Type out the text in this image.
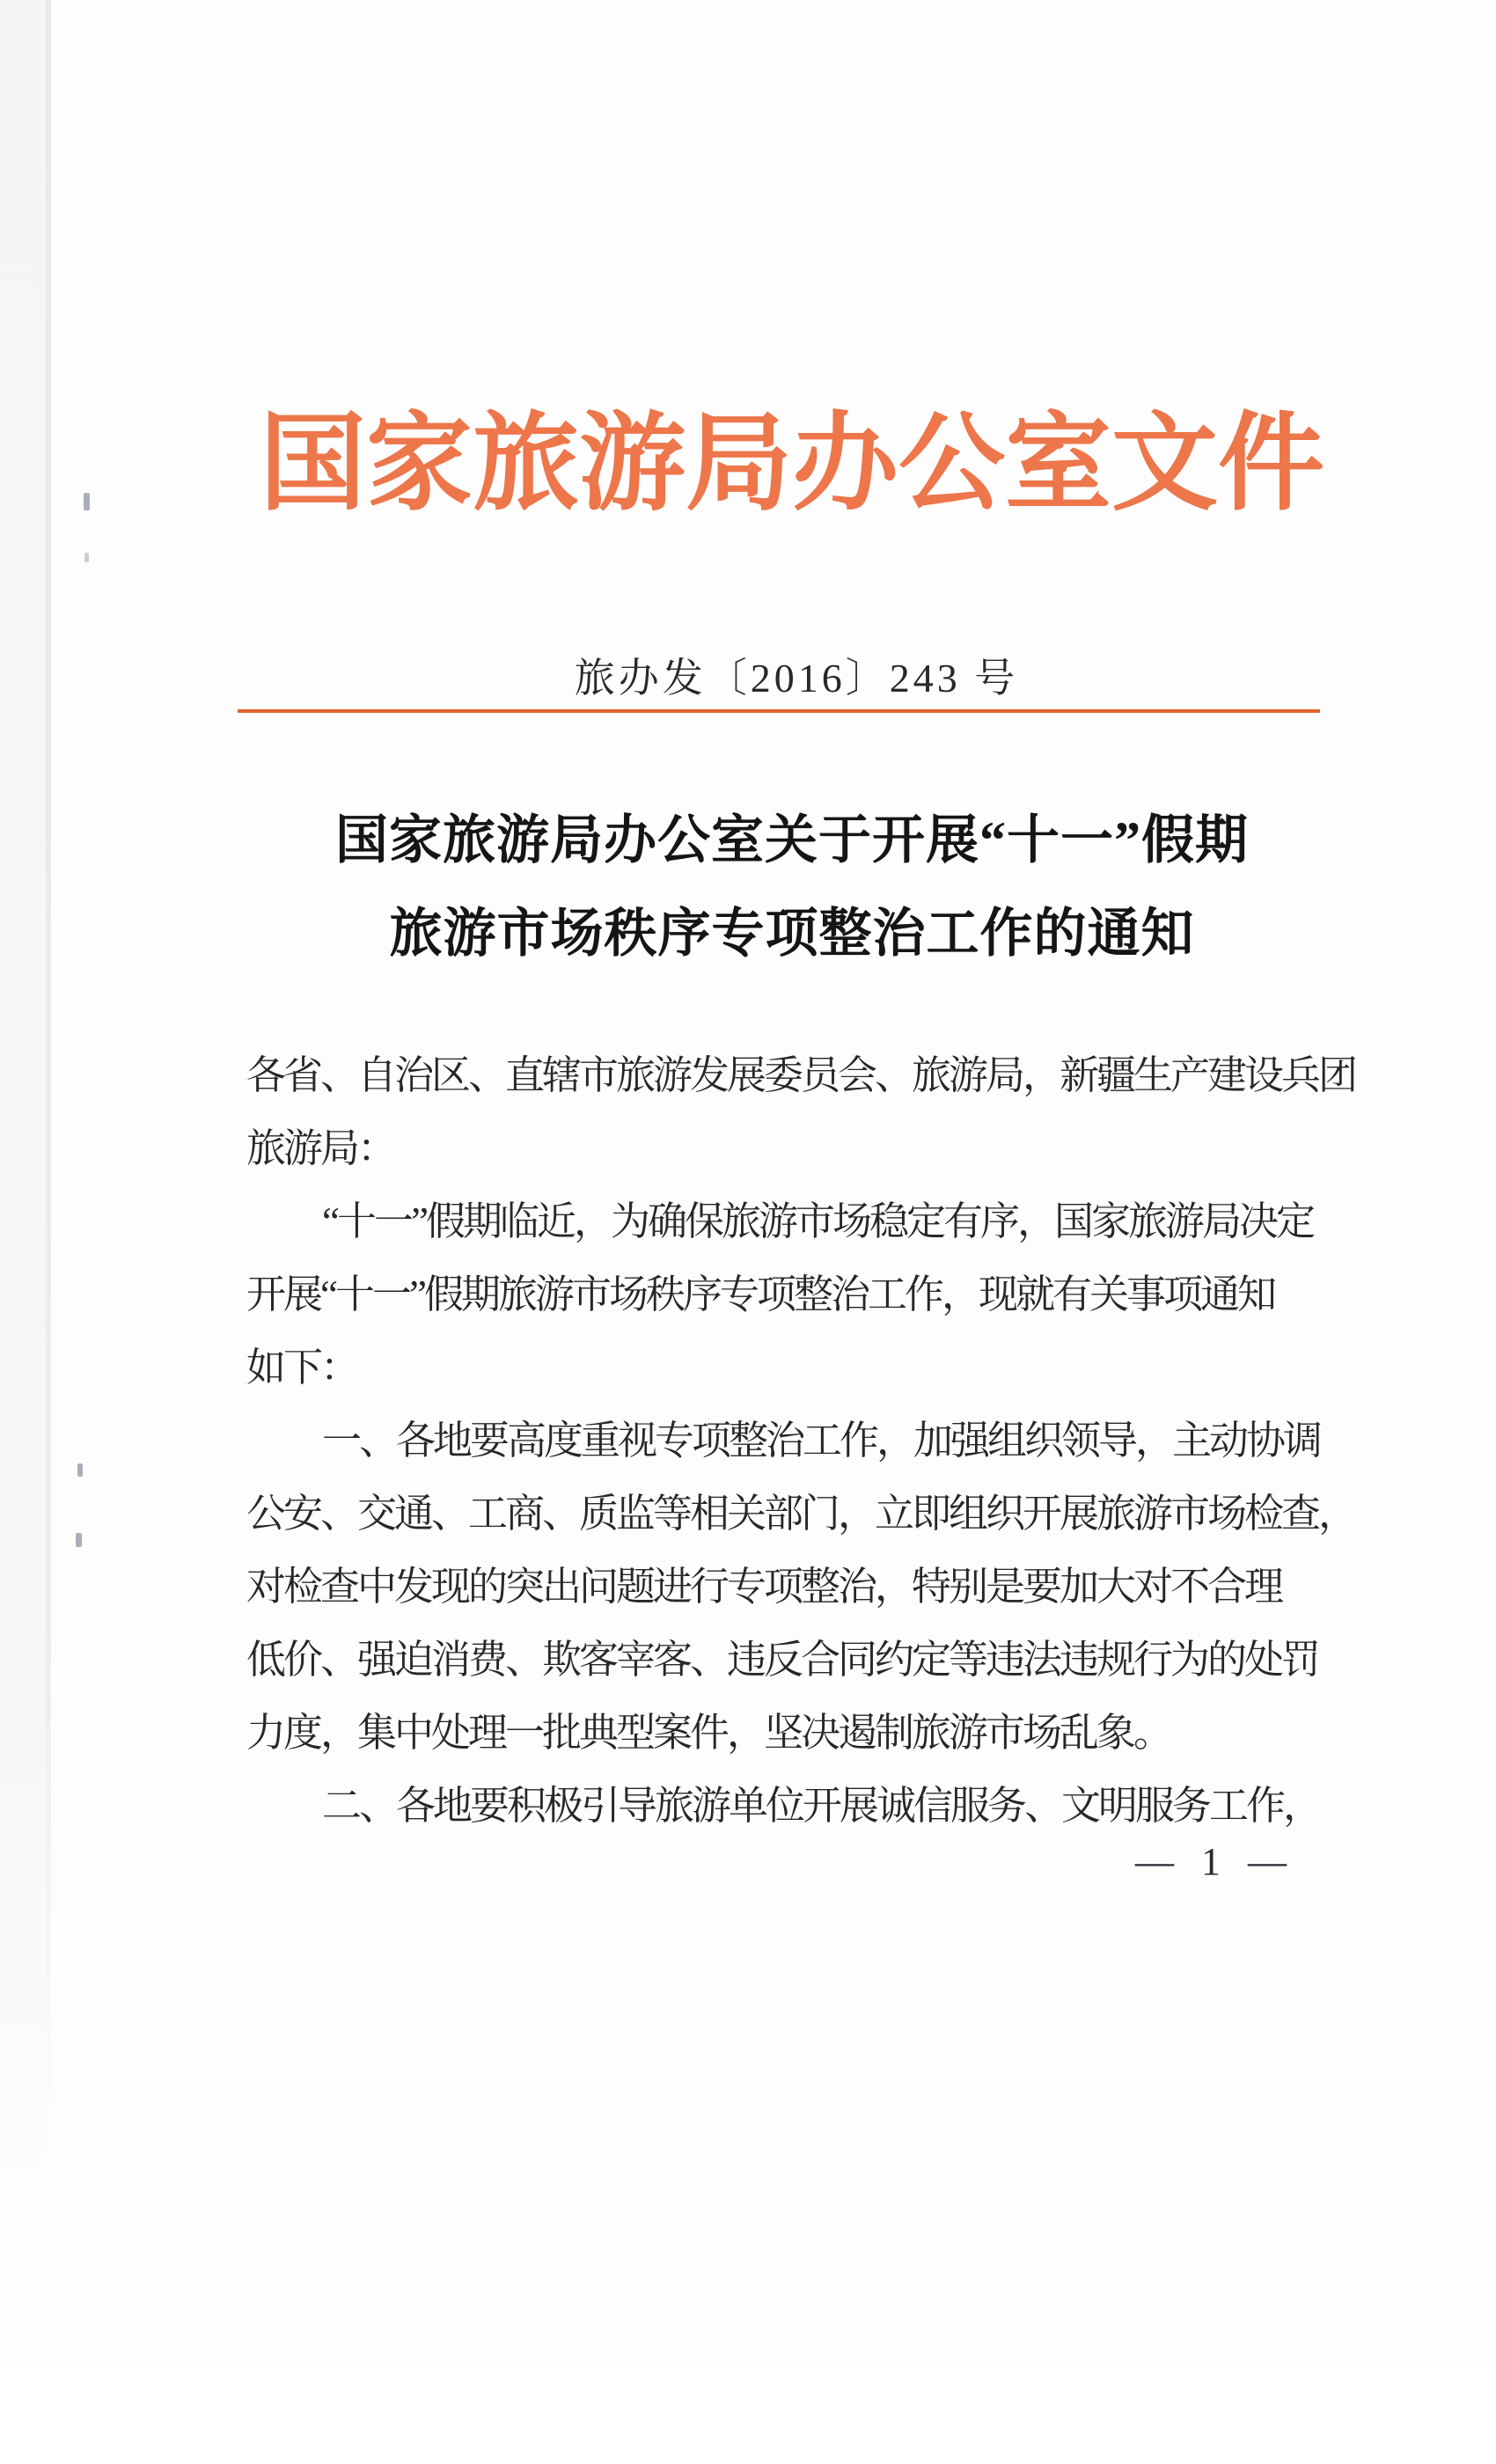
国家旅游局办公室文件
旅办发〔2016〕243 号
国家旅游局办公室关于开展“十一”假期
旅游市场秩序专项整治工作的通知
各省、自治区、直辖市旅游发展委员会、旅游局，新疆生产建设兵团
旅游局：
“十一”假期临近，为确保旅游市场稳定有序，国家旅游局决定
开展“十一”假期旅游市场秩序专项整治工作，现就有关事项通知
如下：
一、各地要高度重视专项整治工作，加强组织领导，主动协调
公安、交通、工商、质监等相关部门，立即组织开展旅游市场检查，
对检查中发现的突出问题进行专项整治，特别是要加大对不合理
低价、强迫消费、欺客宰客、违反合同约定等违法违规行为的处罚
力度，集中处理一批典型案件，坚决遏制旅游市场乱象。
二、各地要积极引导旅游单位开展诚信服务、文明服务工作，
— 1 —
